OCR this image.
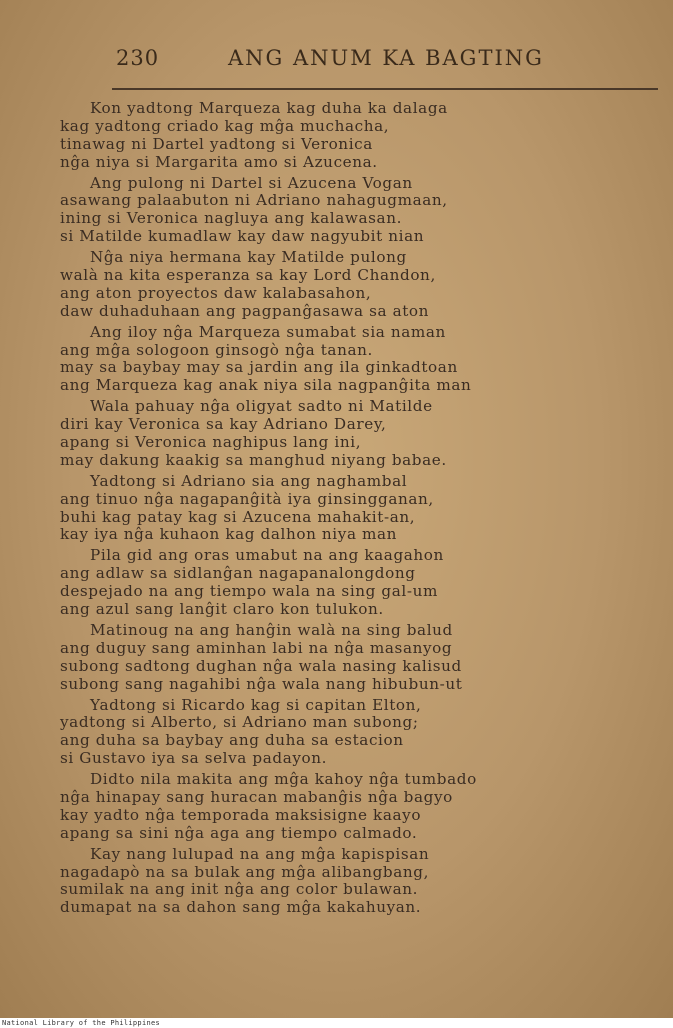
230	ANG ANUM KA BAGTING
Kon yadtong Marqueza kag duha ka dalaga
kag yadtong criado kag mĝa muchacha,
tinawag ni Dartel yadtong si Veronica
nĝa niya si Margarita amo si Azucena.
Ang pulong ni Dartel si Azucena Vogan
asawang palaabuton ni Adriano nahagugmaan,
ining si Veronica nagluya ang kalawasan.
si Matilde kumadlaw kay daw nagyubit nian
Nĝa niya hermana kay Matilde pulong
walà na kita esperanza sa kay Lord Chandon,
ang aton proyectos daw kalabasahon,
daw duhaduhaan ang pagpanĝasawa sa aton
Ang iloy nĝa Marqueza sumabat sia naman
ang mĝa sologoon ginsogò nĝa tanan.
may sa baybay may sa jardin ang ila ginkadtoan
ang Marqueza kag anak niya sila nagpanĝita man
Wala pahuay nĝa oligyat sadto ni Matilde
diri kay Veronica sa kay Adriano Darey,
apang si Veronica naghipus lang ini,
may dakung kaakig sa manghud niyang babae.
Yadtong si Adriano sia ang naghambal
ang tinuo nĝa nagapanĝità iya ginsingganan,
buhi kag patay kag si Azucena mahakit-an,
kay iya nĝa kuhaon kag dalhon niya man
Pila gid ang oras umabut na ang kaagahon
ang adlaw sa sidlanĝan nagapanalongdong
despejado na ang tiempo wala na sing gal-um
ang azul sang lanĝit claro kon tulukon.
Matinoug na ang hanĝin walà na sing balud
ang duguy sang aminhan labi na nĝa masanyog
subong sadtong dughan nĝa wala nasing kalisud
subong sang nagahibi nĝa wala nang hibubun-ut
Yadtong si Ricardo kag si capitan Elton,
yadtong si Alberto, si Adriano man subong;
ang duha sa baybay ang duha sa estacion
si Gustavo iya sa selva padayon.
Didto nila makita ang mĝa kahoy nĝa tumbado
nĝa hinapay sang huracan mabanĝis nĝa bagyo
kay yadto nĝa temporada maksisigne kaayo
apang sa sini nĝa aga ang tiempo calmado.
Kay nang lulupad na ang mĝa kapispisan
nagadapò na sa bulak ang mĝa alibangbang,
sumilak na ang init nĝa ang color bulawan.
dumapat na sa dahon sang mĝa kakahuyan.
National Library of the Philippines
